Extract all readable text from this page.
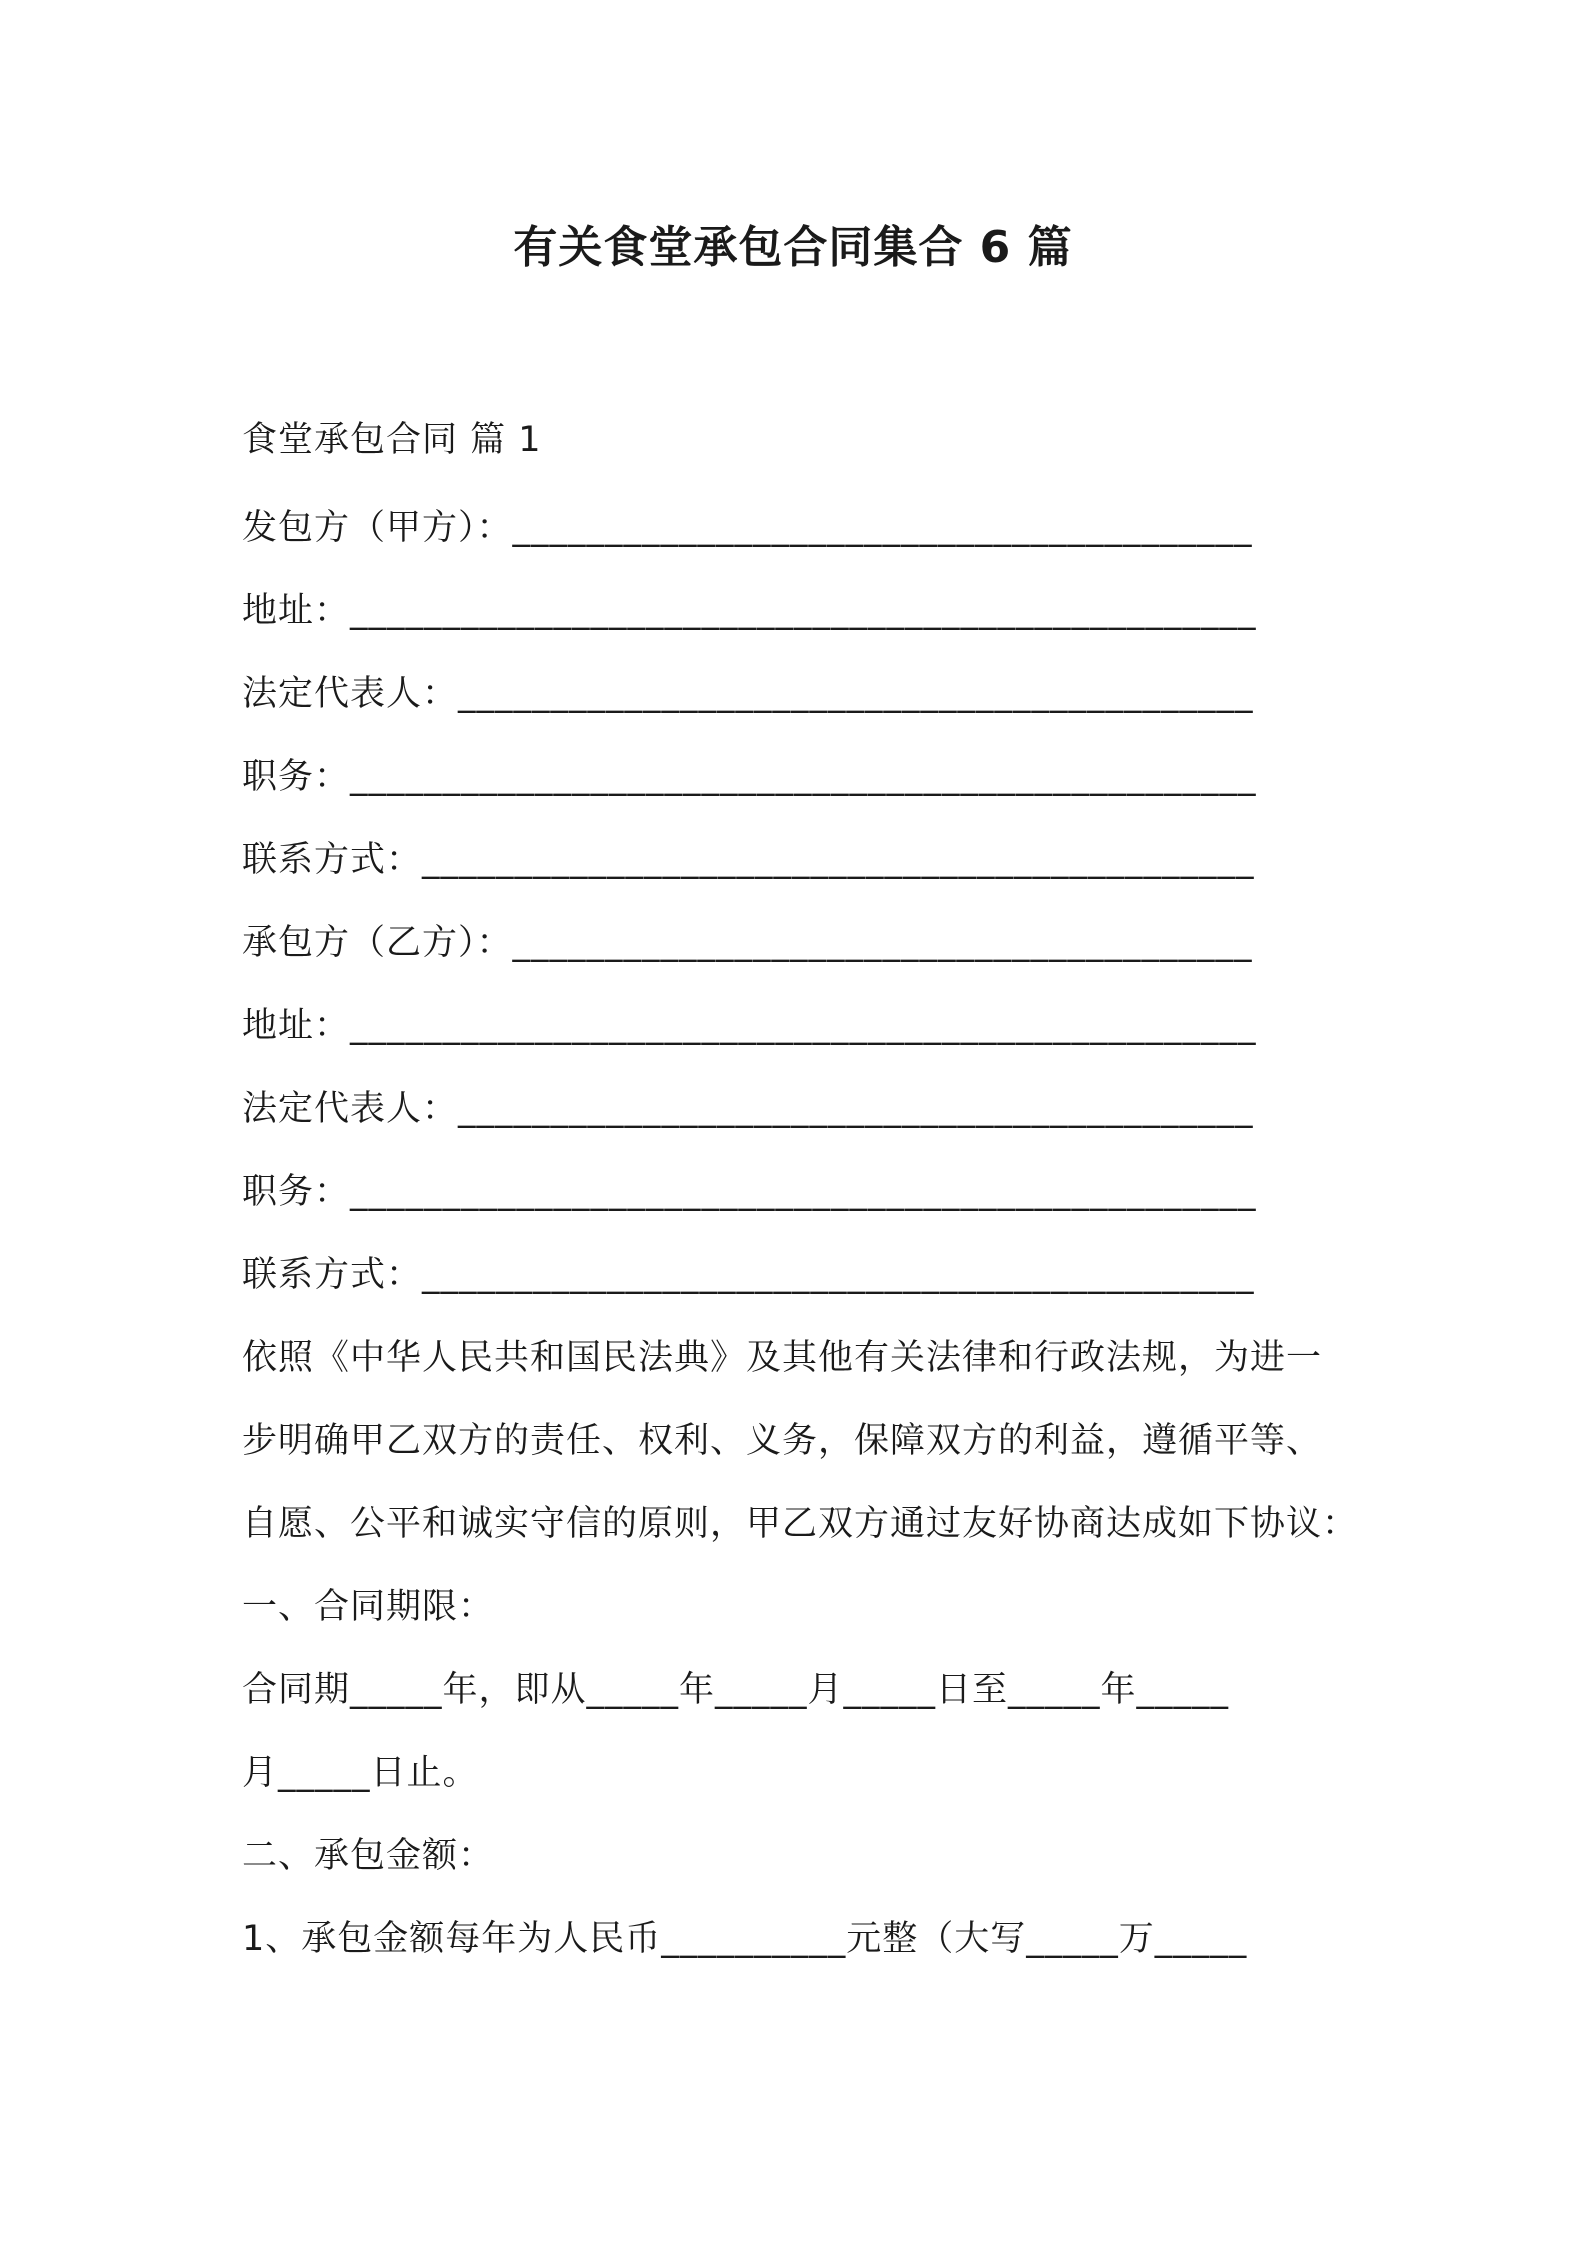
有关食堂承包合同集合 6 篇
食堂承包合同 篇 1
发包方（甲方）：________________________________________
地址：_________________________________________________
法定代表人：___________________________________________
职务：_________________________________________________
联系方式：_____________________________________________
承包方（乙方）：________________________________________
地址：_________________________________________________
法定代表人：___________________________________________
职务：_________________________________________________
联系方式：_____________________________________________
依照《中华人民共和国民法典》及其他有关法律和行政法规，为进一
步明确甲乙双方的责任、权利、义务，保障双方的利益，遵循平等、
自愿、公平和诚实守信的原则，甲乙双方通过友好协商达成如下协议：
一、合同期限：
合同期_____年，即从_____年_____月_____日至_____年_____
月_____日止。
二、承包金额：
1、承包金额每年为人民币__________元整（大写_____万_____
